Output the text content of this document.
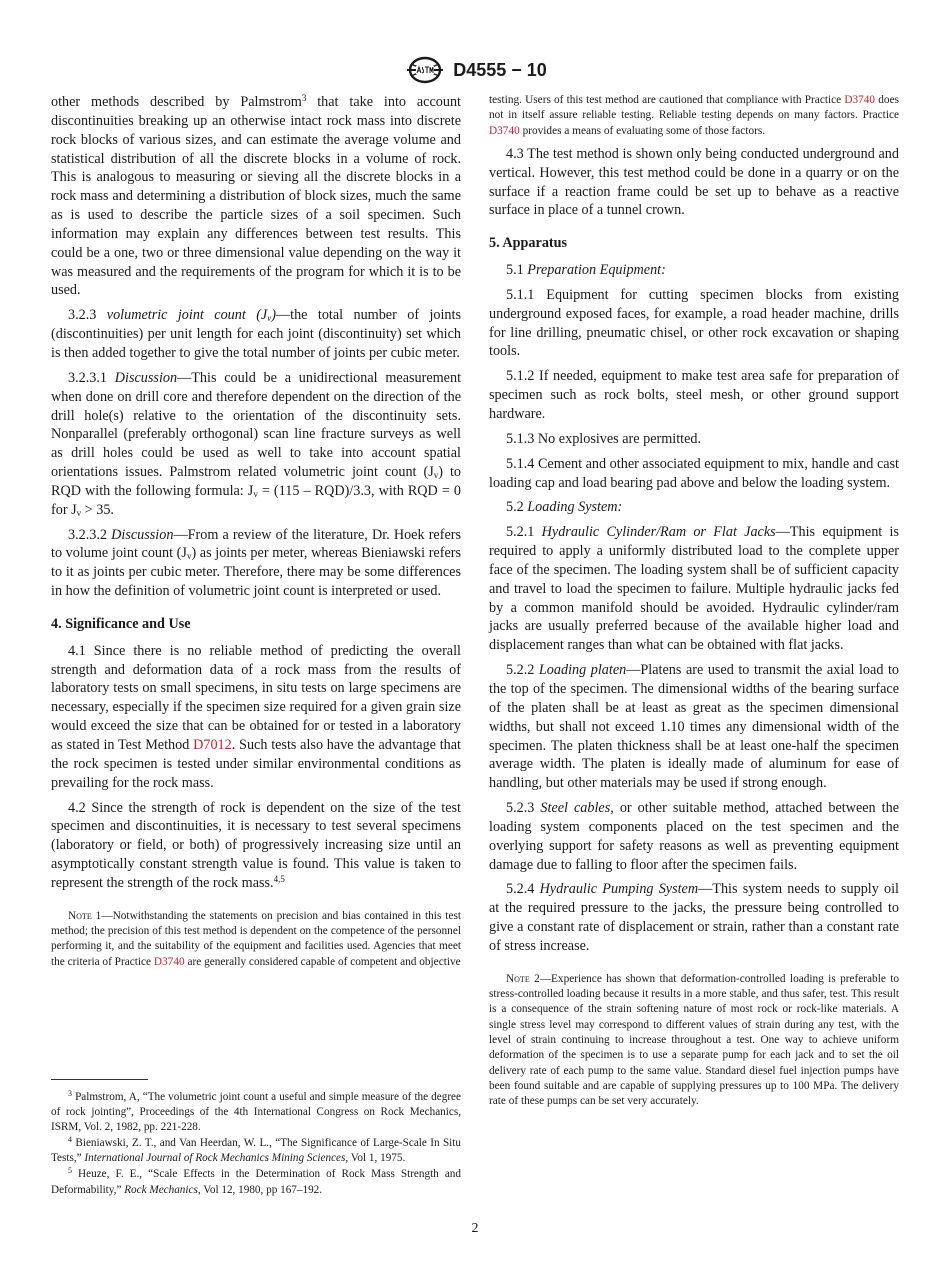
D4555 − 10

other methods described by Palmstrom$^3$ that take into account discontinuities breaking up an otherwise intact rock mass into discrete rock blocks of various sizes, and can estimate the average volume and statistical distribution of all the discrete blocks in a volume of rock. This is analogous to measuring or sieving all the discrete blocks in a rock mass and determining a distribution of block sizes, much the same as is used to describe the particle sizes of a soil specimen. Such information may explain any differences between test results. This could be a one, two or three dimensional value depending on the way it was measured and the requirements of the program for which it is to be used.

3.2.3 volumetric joint count $(J_v)—the$ total number of joints (discontinuities) per unit length for each joint (discontinuity) set which is then added together to give the total number of joints per cubic meter.

3.2.3.1 Discussion—This could be a unidirectional measurement when done on drill core and therefore dependent on the direction of the drill hole(s) relative to the orientation of the discontinuity sets. Nonparallel (preferably orthogonal) scan line fracture surveys as well as drill holes could be used as well to take into account spatial orientations issues. Palmstrom related volumetric joint count $(J_v)$ to RQD with the following formula: $J_v = (115 - RQD)/3.3$, with RQD = 0 for $J_v > 35$.

3.2.3.2 Discussion—From a review of the literature, Dr. Hoek refers to volume joint count $(J_v)$ as joints per meter, whereas Bieniawski refers to it as joints per cubic meter. Therefore, there may be some differences in how the definition of volumetric joint count is interpreted or used.

4. Significance and Use

4.1 Since there is no reliable method of predicting the overall strength and deformation data of a rock mass from the results of laboratory tests on small specimens, in situ tests on large specimens are necessary, especially if the specimen size required for a given grain size would exceed the size that can be obtained for or tested in a laboratory as stated in Test Method D7012. Such tests also have the advantage that the rock specimen is tested under similar environmental conditions as prevailing for the rock mass.

4.2 Since the strength of rock is dependent on the size of the test specimen and discontinuities, it is necessary to test several specimens (laboratory or field, or both) of progressively increasing size until an asymptotically constant strength value is found. This value is taken to represent the strength of the rock mass.$^{4,5}$

Note 1—Notwithstanding the statements on precision and bias contained in this test method; the precision of this test method is dependent on the competence of the personnel performing it, and the suitability of the equipment and facilities used. Agencies that meet the criteria of Practice D3740 are generally considered capable of competent and objective

$^3$ Palmstrom, A, “The volumetric joint count a useful and simple measure of the degree of rock jointing”, Proceedings of the 4th International Congress on Rock Mechanics, ISRM, Vol. 2, 1982, pp. 221-228.

$^4$ Bieniawski, Z. T., and Van Heerdan, W. L., “The Significance of Large-Scale In Situ Tests,” International Journal of Rock Mechanics Mining Sciences, Vol 1, 1975.

$^5$ Heuze, F. E., “Scale Effects in the Determination of Rock Mass Strength and Deformability,” Rock Mechanics, Vol 12, 1980, pp 167–192.

testing. Users of this test method are cautioned that compliance with Practice D3740 does not in itself assure reliable testing. Reliable testing depends on many factors. Practice D3740 provides a means of evaluating some of those factors.

4.3 The test method is shown only being conducted underground and vertical. However, this test method could be done in a quarry or on the surface if a reaction frame could be set up to behave as a reactive surface in place of a tunnel crown.

5. Apparatus

5.1 Preparation Equipment:

5.1.1 Equipment for cutting specimen blocks from existing underground exposed faces, for example, a road header machine, drills for line drilling, pneumatic chisel, or other rock excavation or shaping tools.

5.1.2 If needed, equipment to make test area safe for preparation of specimen such as rock bolts, steel mesh, or other ground support hardware.

5.1.3 No explosives are permitted.

5.1.4 Cement and other associated equipment to mix, handle and cast loading cap and load bearing pad above and below the loading system.

5.2 Loading System:

5.2.1 Hydraulic Cylinder/Ram or Flat Jacks—This equipment is required to apply a uniformly distributed load to the complete upper face of the specimen. The loading system shall be of sufficient capacity and travel to load the specimen to failure. Multiple hydraulic jacks fed by a common manifold should be avoided. Hydraulic cylinder/ram jacks are usually preferred because of the available higher load and displacement ranges than what can be obtained with flat jacks.

5.2.2 Loading platen—Platens are used to transmit the axial load to the top of the specimen. The dimensional widths of the bearing surface of the platen shall be at least as great as the specimen dimensional widths, but shall not exceed 1.10 times any dimensional width of the specimen. The platen thickness shall be at least one-half the specimen average width. The platen is ideally made of aluminum for ease of handling, but other materials may be used if strong enough.

5.2.3 Steel cables, or other suitable method, attached between the loading system components placed on the test specimen and the overlying support for safety reasons as well as preventing equipment damage due to falling to floor after the specimen fails.

5.2.4 Hydraulic Pumping System—This system needs to supply oil at the required pressure to the jacks, the pressure being controlled to give a constant rate of displacement or strain, rather than a constant rate of stress increase.

Note 2—Experience has shown that deformation-controlled loading is preferable to stress-controlled loading because it results in a more stable, and thus safer, test. This result is a consequence of the strain softening nature of most rock or rock-like materials. A single stress level may correspond to different values of strain during any test, with the level of strain continuing to increase throughout a test. One way to achieve uniform deformation of the specimen is to use a separate pump for each jack and to set the oil delivery rate of each pump to the same value. Standard diesel fuel injection pumps have been found suitable and are capable of supplying pressures up to 100 MPa. The delivery rate of these pumps can be set very accurately.

2
